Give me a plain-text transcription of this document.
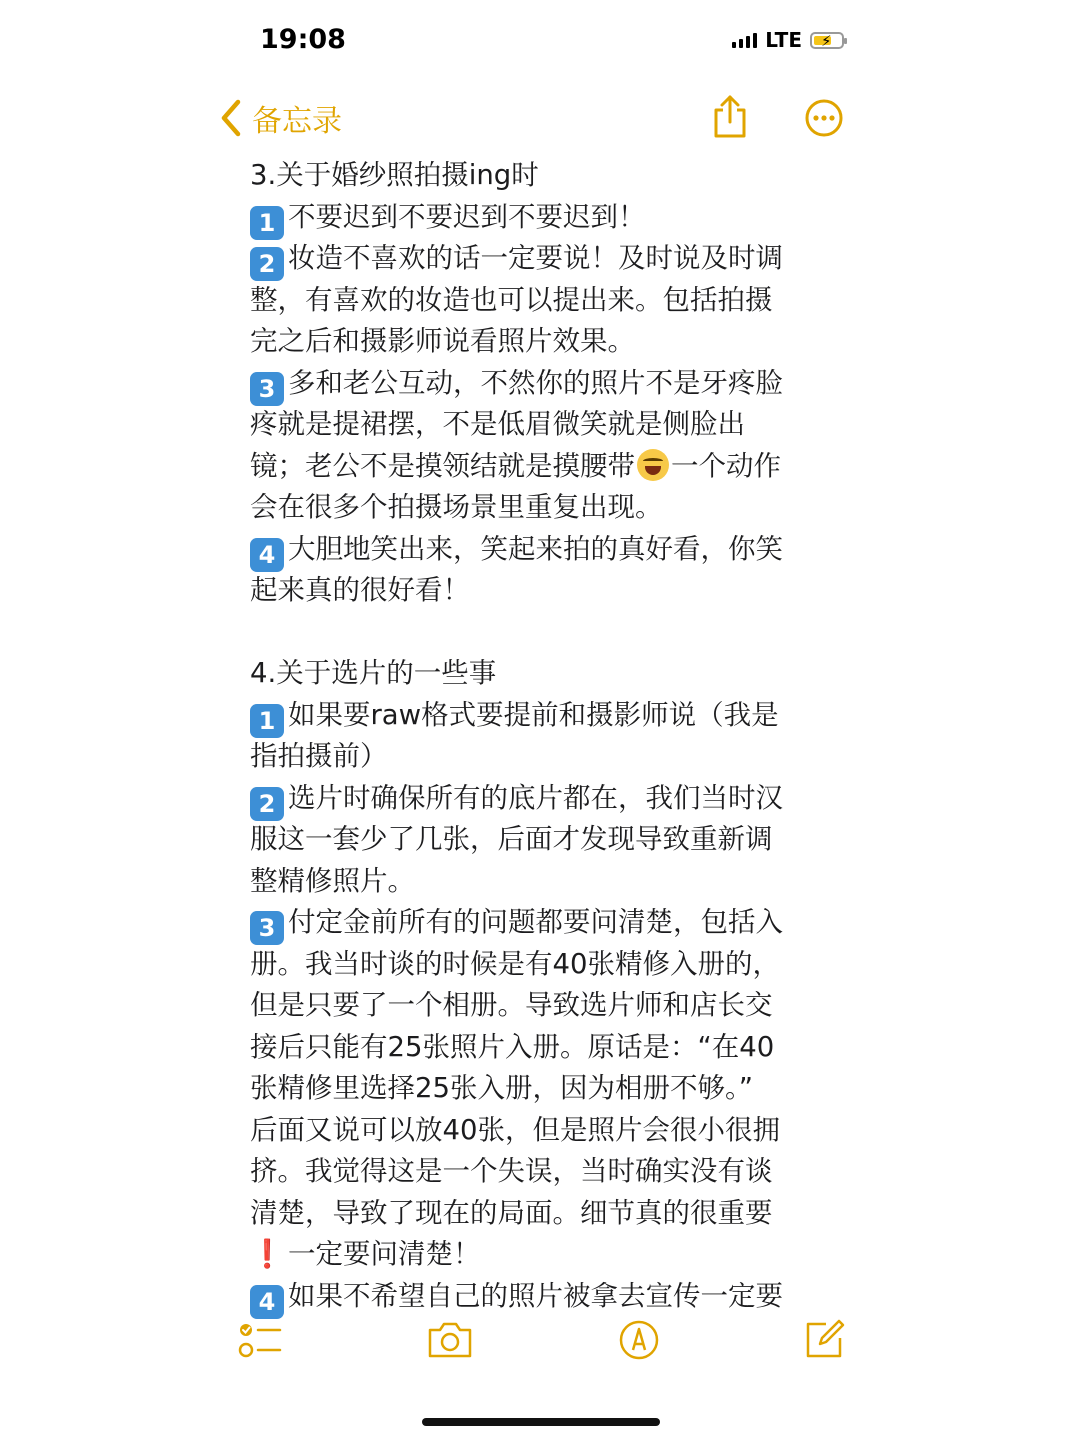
19:08	LTE ⚡
备忘录
3.关于婚纱照拍摄ing时
1 不要迟到不要迟到不要迟到！
2 妆造不喜欢的话一定要说！及时说及时调
整，有喜欢的妆造也可以提出来。包括拍摄
完之后和摄影师说看照片效果。
3 多和老公互动，不然你的照片不是牙疼脸
疼就是提裙摆，不是低眉微笑就是侧脸出
镜；老公不是摸领结就是摸腰带 一个动作
会在很多个拍摄场景里重复出现。
4 大胆地笑出来，笑起来拍的真好看，你笑
起来真的很好看！
4.关于选片的一些事
1 如果要raw格式要提前和摄影师说（我是
指拍摄前）
2 选片时确保所有的底片都在，我们当时汉
服这一套少了几张，后面才发现导致重新调
整精修照片。
3 付定金前所有的问题都要问清楚，包括入
册。我当时谈的时候是有40张精修入册的，
但是只要了一个相册。导致选片师和店长交
接后只能有25张照片入册。原话是：“在40
张精修里选择25张入册，因为相册不够。”
后面又说可以放40张，但是照片会很小很拥
挤。我觉得这是一个失误，当时确实没有谈
清楚，导致了现在的局面。细节真的很重要
❗ 一定要问清楚！
4 如果不希望自己的照片被拿去宣传一定要
